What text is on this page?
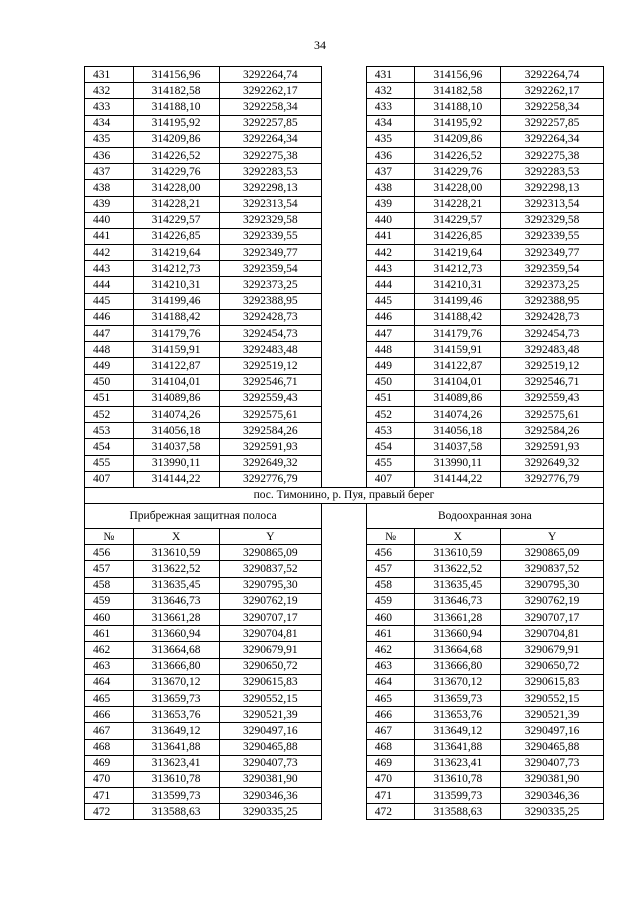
34
431	314156,96	3292264,74		431	314156,96	3292264,74
432	314182,58	3292262,17		432	314182,58	3292262,17
433	314188,10	3292258,34		433	314188,10	3292258,34
434	314195,92	3292257,85		434	314195,92	3292257,85
435	314209,86	3292264,34		435	314209,86	3292264,34
436	314226,52	3292275,38		436	314226,52	3292275,38
437	314229,76	3292283,53		437	314229,76	3292283,53
438	314228,00	3292298,13		438	314228,00	3292298,13
439	314228,21	3292313,54		439	314228,21	3292313,54
440	314229,57	3292329,58		440	314229,57	3292329,58
441	314226,85	3292339,55		441	314226,85	3292339,55
442	314219,64	3292349,77		442	314219,64	3292349,77
443	314212,73	3292359,54		443	314212,73	3292359,54
444	314210,31	3292373,25		444	314210,31	3292373,25
445	314199,46	3292388,95		445	314199,46	3292388,95
446	314188,42	3292428,73		446	314188,42	3292428,73
447	314179,76	3292454,73		447	314179,76	3292454,73
448	314159,91	3292483,48		448	314159,91	3292483,48
449	314122,87	3292519,12		449	314122,87	3292519,12
450	314104,01	3292546,71		450	314104,01	3292546,71
451	314089,86	3292559,43		451	314089,86	3292559,43
452	314074,26	3292575,61		452	314074,26	3292575,61
453	314056,18	3292584,26		453	314056,18	3292584,26
454	314037,58	3292591,93		454	314037,58	3292591,93
455	313990,11	3292649,32		455	313990,11	3292649,32
407	314144,22	3292776,79		407	314144,22	3292776,79
пос. Тимонино, р. Пуя, правый берег						
Прибрежная защитная полоса				Водоохранная зона		
№	X	Y		№	X	Y
456	313610,59	3290865,09		456	313610,59	3290865,09
457	313622,52	3290837,52		457	313622,52	3290837,52
458	313635,45	3290795,30		458	313635,45	3290795,30
459	313646,73	3290762,19		459	313646,73	3290762,19
460	313661,28	3290707,17		460	313661,28	3290707,17
461	313660,94	3290704,81		461	313660,94	3290704,81
462	313664,68	3290679,91		462	313664,68	3290679,91
463	313666,80	3290650,72		463	313666,80	3290650,72
464	313670,12	3290615,83		464	313670,12	3290615,83
465	313659,73	3290552,15		465	313659,73	3290552,15
466	313653,76	3290521,39		466	313653,76	3290521,39
467	313649,12	3290497,16		467	313649,12	3290497,16
468	313641,88	3290465,88		468	313641,88	3290465,88
469	313623,41	3290407,73		469	313623,41	3290407,73
470	313610,78	3290381,90		470	313610,78	3290381,90
471	313599,73	3290346,36		471	313599,73	3290346,36
472	313588,63	3290335,25		472	313588,63	3290335,25
